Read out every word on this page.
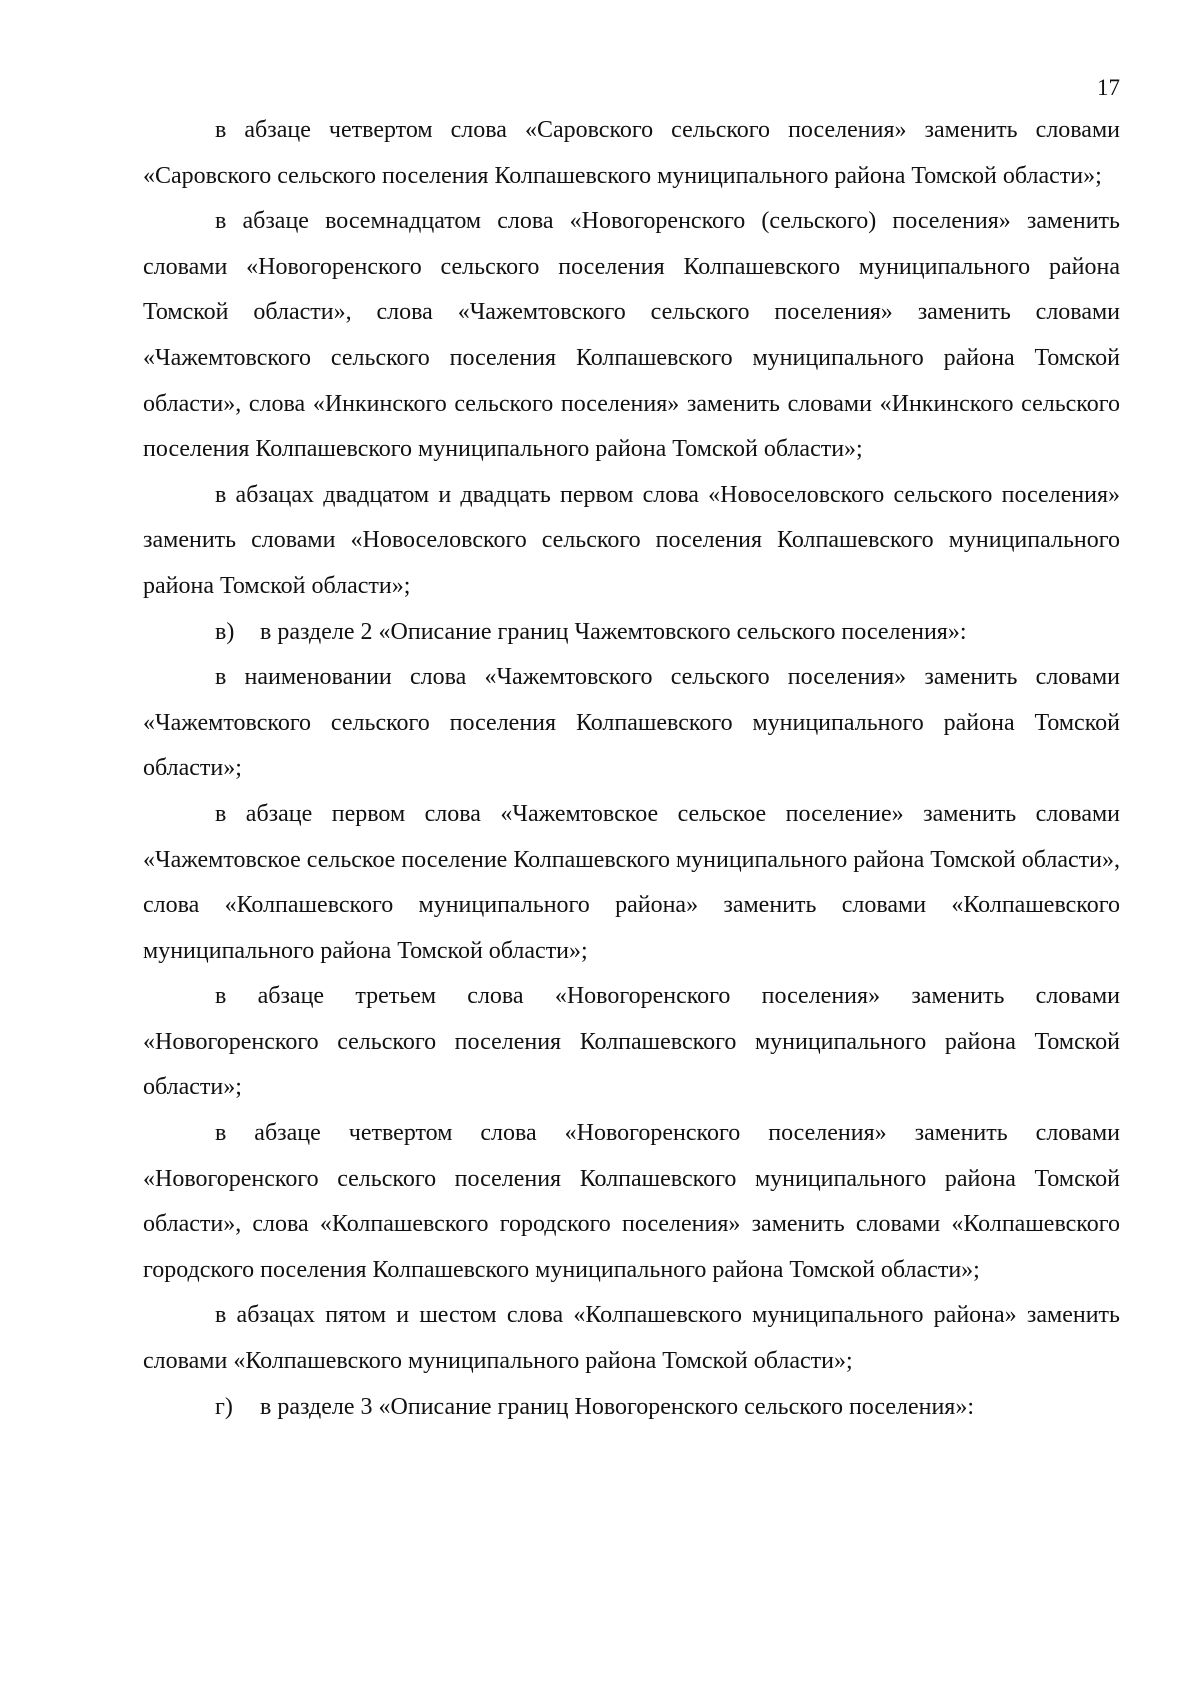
17

в абзаце четвертом слова «Саровского сельского поселения» заменить словами «Саровского сельского поселения Колпашевского муниципального района Томской области»;

в абзаце восемнадцатом слова «Новогоренского (сельского) поселения» заменить словами «Новогоренского сельского поселения Колпашевского муниципального района Томской области», слова «Чажемтовского сельского поселения» заменить словами «Чажемтовского сельского поселения Колпашевского муниципального района Томской области», слова «Инкинского сельского поселения» заменить словами «Инкинского сельского поселения Колпашевского муниципального района Томской области»;

в абзацах двадцатом и двадцать первом слова «Новоселовского сельского поселения» заменить словами «Новоселовского сельского поселения Колпашевского муниципального района Томской области»;

в) в разделе 2 «Описание границ Чажемтовского сельского поселения»:

в наименовании слова «Чажемтовского сельского поселения» заменить словами «Чажемтовского сельского поселения Колпашевского муниципального района Томской области»;

в абзаце первом слова «Чажемтовское сельское поселение» заменить словами «Чажемтовское сельское поселение Колпашевского муниципального района Томской области», слова «Колпашевского муниципального района» заменить словами «Колпашевского муниципального района Томской области»;

в абзаце третьем слова «Новогоренского поселения» заменить словами «Новогоренского сельского поселения Колпашевского муниципального района Томской области»;

в абзаце четвертом слова «Новогоренского поселения» заменить словами «Новогоренского сельского поселения Колпашевского муниципального района Томской области», слова «Колпашевского городского поселения» заменить словами «Колпашевского городского поселения Колпашевского муниципального района Томской области»;

в абзацах пятом и шестом слова «Колпашевского муниципального района» заменить словами «Колпашевского муниципального района Томской области»;

г) в разделе 3 «Описание границ Новогоренского сельского поселения»:
